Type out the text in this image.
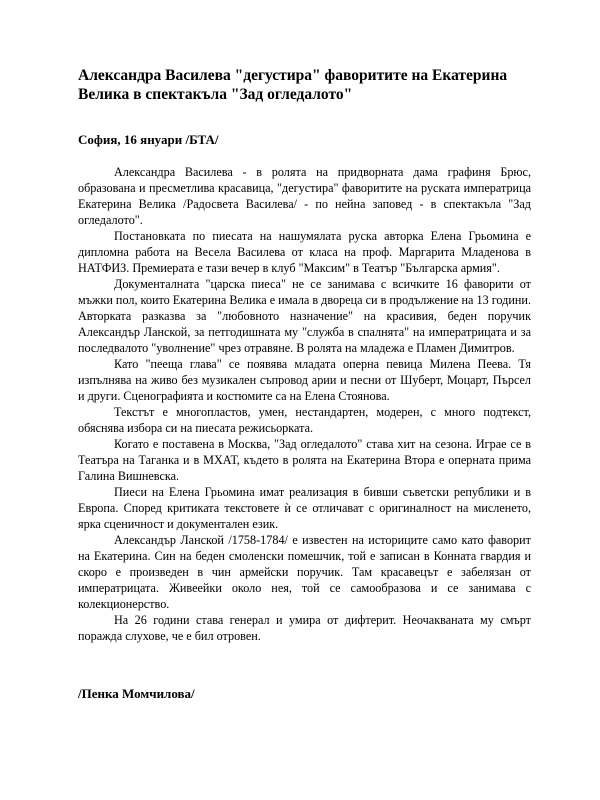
Александра Василева "дегустира" фаворитите на Екатерина Велика в спектакъла "Зад огледалото"

София, 16 януари /БТА/

Александра Василева - в ролята на придворната дама графиня Брюс, образована и пресметлива красавица, "дегустира" фаворитите на руската императрица Екатерина Велика /Радосвета Василева/ - по нейна заповед - в спектакъла "Зад огледалото".

Постановката по пиесата на нашумялата руска авторка Елена Грьомина е дипломна работа на Весела Василева от класа на проф. Маргарита Младенова в НАТФИЗ. Премиерата е тази вечер в клуб "Максим" в Театър "Българска армия".

Документалната "царска пиеса" не се занимава с всичките 16 фаворити от мъжки пол, които Екатерина Велика е имала в двореца си в продължение на 13 години. Авторката разказва за "любовното назначение" на красивия, беден поручик Александър Ланской, за петгодишната му "служба в спалнята" на императрицата и за последвалото "уволнение" чрез отравяне. В ролята на младежа е Пламен Димитров.

Като "пееща глава" се появява младата оперна певица Милена Пеева. Тя изпълнява на живо без музикален съпровод арии и песни от Шуберт, Моцарт, Пърсел и други. Сценографията и костюмите са на Елена Стоянова.

Текстът е многопластов, умен, нестандартен, модерен, с много подтекст, обяснява избора си на пиесата режисьорката.

Когато е поставена в Москва, "Зад огледалото" става хит на сезона. Играе се в Театъра на Таганка и в МХАТ, където в ролята на Екатерина Втора е оперната прима Галина Вишневска.

Пиеси на Елена Грьомина имат реализация в бивши съветски републики и в Европа. Според критиката текстовете ѝ се отличават с оригиналност на мисленето, ярка сценичност и документален език.

Александър Ланской /1758-1784/ е известен на историците само като фаворит на Екатерина. Син на беден смоленски помешчик, той е записан в Конната гвардия и скоро е произведен в чин армейски поручик. Там красавецът е забелязан от императрицата. Живеейки около нея, той се самообразова и се занимава с колекционерство.

На 26 години става генерал и умира от дифтерит. Неочакваната му смърт поражда слухове, че е бил отровен.

/Пенка Момчилова/
